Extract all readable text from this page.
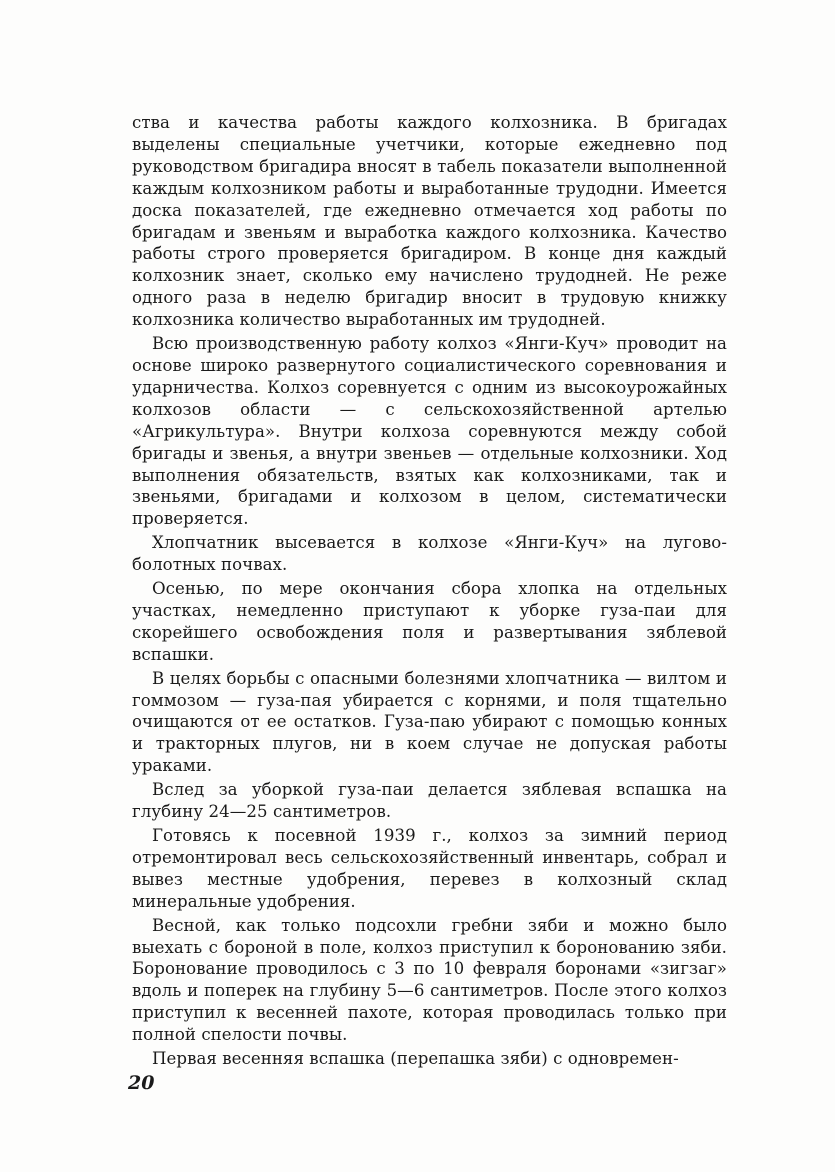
ства и качества работы каждого колхозника. В бригадах выделены специальные учетчики, которые ежедневно под руководством бригадира вносят в табель показатели выполненной каждым колхозником работы и выработанные трудодни. Имеется доска показателей, где ежедневно отмечается ход работы по бригадам и звеньям и выработка каждого колхозника. Качество работы строго проверяется бригадиром. В конце дня каждый колхозник знает, сколько ему начислено трудодней. Не реже одного раза в неделю бригадир вносит в трудовую книжку колхозника количество выработанных им трудодней.

Всю производственную работу колхоз «Янги-Куч» проводит на основе широко развернутого социалистического соревнования и ударничества. Колхоз соревнуется с одним из высокоурожайных колхозов области — с сельскохозяйственной артелью «Агрикультура». Внутри колхоза соревнуются между собой бригады и звенья, а внутри звеньев — отдельные колхозники. Ход выполнения обязательств, взятых как колхозниками, так и звеньями, бригадами и колхозом в целом, систематически проверяется.

Хлопчатник высевается в колхозе «Янги-Куч» на лугово-болотных почвах.

Осенью, по мере окончания сбора хлопка на отдельных участках, немедленно приступают к уборке гуза-паи для скорейшего освобождения поля и развертывания зяблевой вспашки.

В целях борьбы с опасными болезнями хлопчатника — вилтом и гоммозом — гуза-пая убирается с корнями, и поля тщательно очищаются от ее остатков. Гуза-паю убирают с помощью конных и тракторных плугов, ни в коем случае не допуская работы ураками.

Вслед за уборкой гуза-паи делается зяблевая вспашка на глубину 24—25 сантиметров.

Готовясь к посевной 1939 г., колхоз за зимний период отремонтировал весь сельскохозяйственный инвентарь, собрал и вывез местные удобрения, перевез в колхозный склад минеральные удобрения.

Весной, как только подсохли гребни зяби и можно было выехать с бороной в поле, колхоз приступил к боронованию зяби. Боронование проводилось с 3 по 10 февраля боронами «зигзаг» вдоль и поперек на глубину 5—6 сантиметров. После этого колхоз приступил к весенней пахоте, которая проводилась только при полной спелости почвы.

Первая весенняя вспашка (перепашка зяби) с одновремен-

20
